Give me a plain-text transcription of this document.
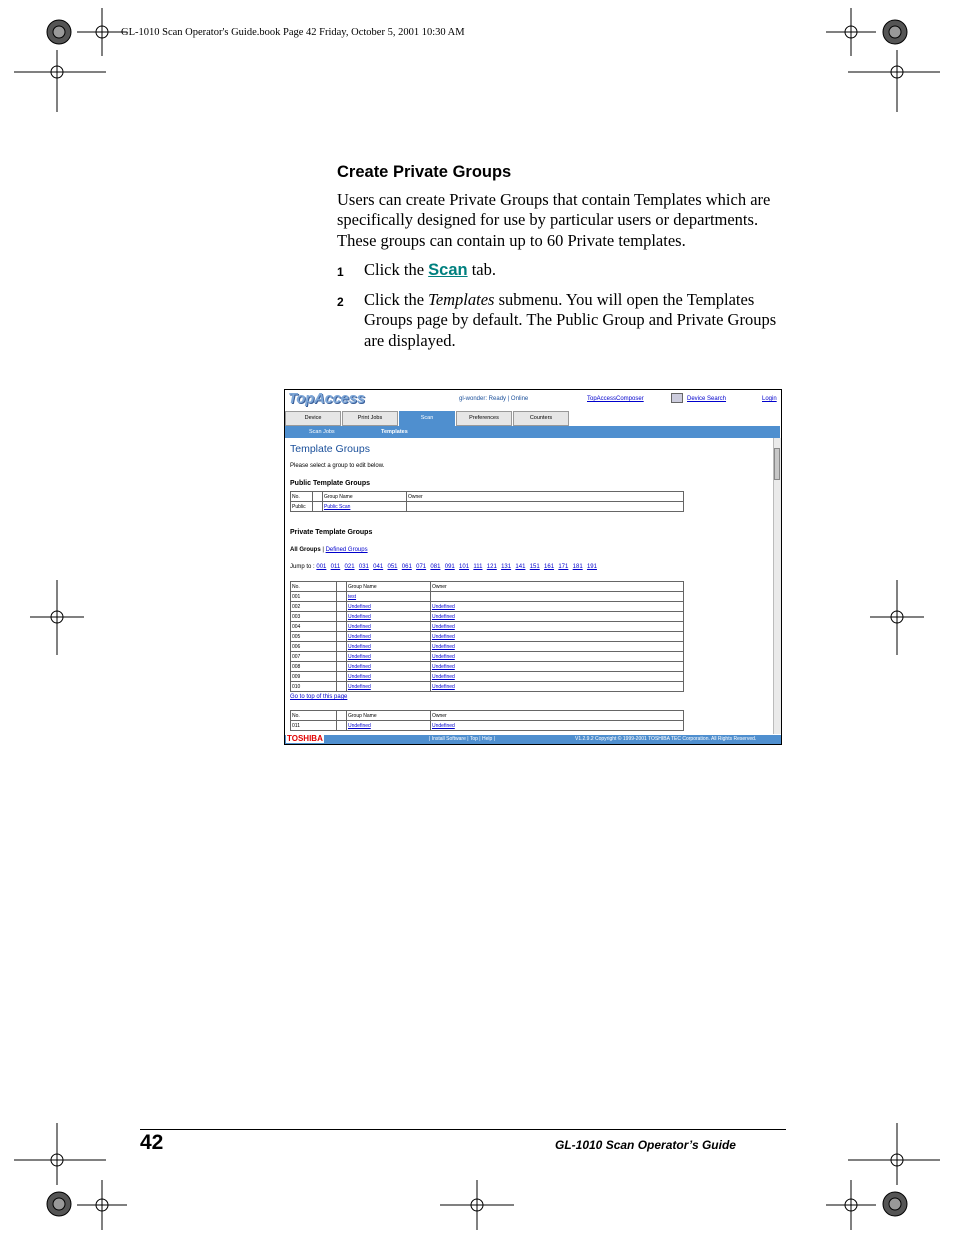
GL-1010 Scan Operator's Guide.book Page 42 Friday, October 5, 2001 10:30 AM
Create Private Groups
Users can create Private Groups that contain Templates which are specifically designed for use by particular users or departments. These groups can contain up to 60 Private templates.
1 Click the Scan tab.
2 Click the Templates submenu. You will open the Templates Groups page by default. The Public Group and Private Groups are displayed.
TopAccess	gl-wonder: Ready | Online	TopAccessComposer	Device Search	Login
Device	Print Jobs	Scan	Preferences	Counters
Scan Jobs	Templates
Template Groups
Please select a group to edit below.
Public Template Groups
No.		Group Name	Owner
Public		Public Scan	
Private Template Groups
All Groups | Defined Groups
Jump to : 001 011 021 031 041 051 061 071 081 091 101 111 121 131 141 151 161 171 181 191
No.		Group Name	Owner
001		test	
002		Undefined	Undefined
003		Undefined	Undefined
004		Undefined	Undefined
005		Undefined	Undefined
006		Undefined	Undefined
007		Undefined	Undefined
008		Undefined	Undefined
009		Undefined	Undefined
010		Undefined	Undefined
Go to top of this page
No.		Group Name	Owner
011		Undefined	Undefined
| Install Software | Top | Help |	V1.2.9.2 Copyright © 1999-2001 TOSHIBA TEC Corporation. All Rights Reserved.
TOSHIBA
42	GL-1010 Scan Operator’s Guide
